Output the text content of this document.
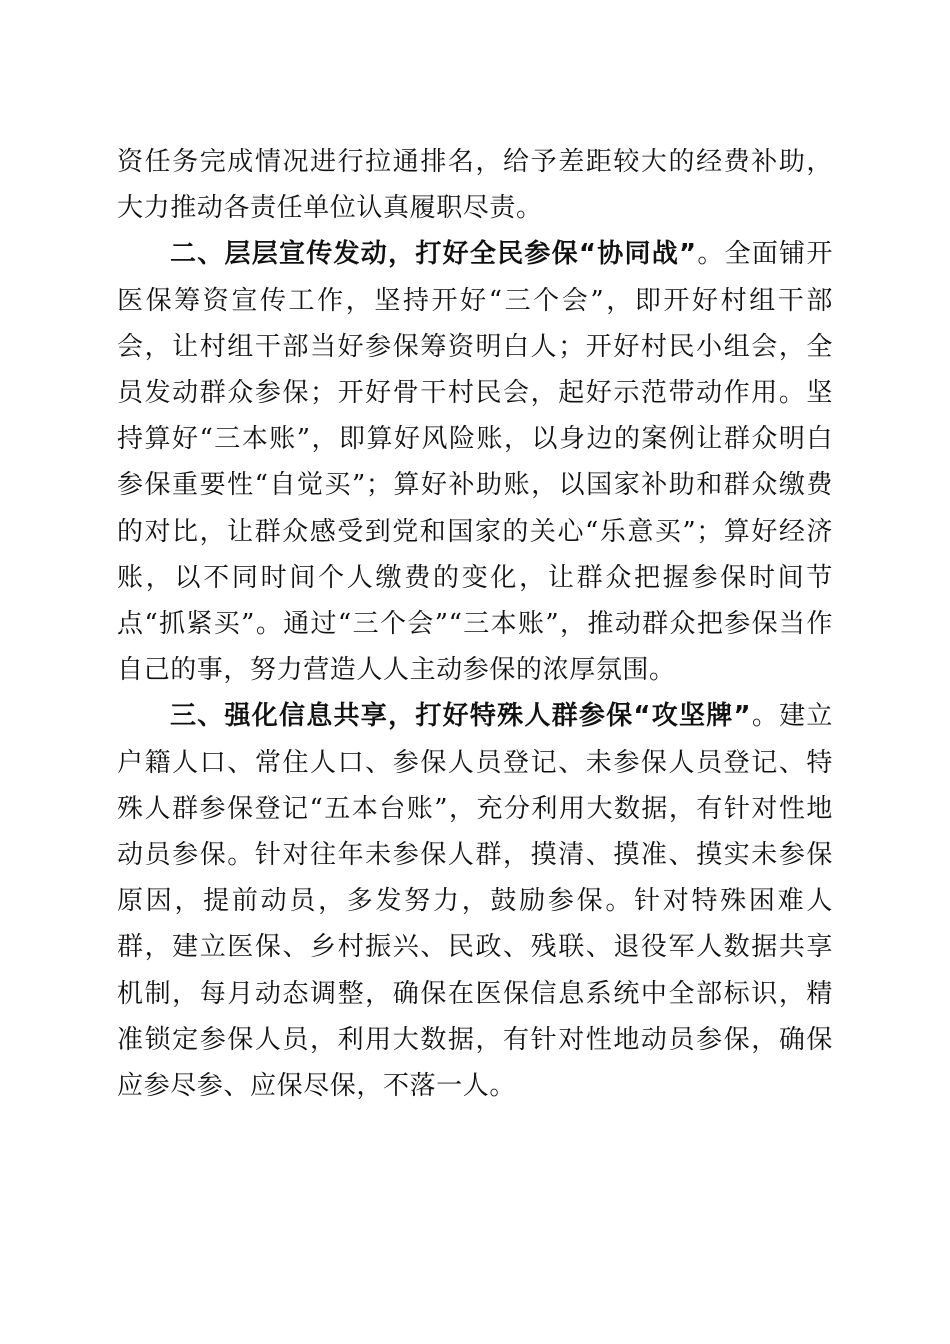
资任务完成情况进行拉通排名，给予差距较大的经费补助，大力推动各责任单位认真履职尽责。

二、层层宣传发动，打好全民参保“协同战”。全面铺开医保筹资宣传工作，坚持开好“三个会”，即开好村组干部会，让村组干部当好参保筹资明白人；开好村民小组会，全员发动群众参保；开好骨干村民会，起好示范带动作用。坚持算好“三本账”，即算好风险账，以身边的案例让群众明白参保重要性“自觉买”；算好补助账，以国家补助和群众缴费的对比，让群众感受到党和国家的关心“乐意买”；算好经济账，以不同时间个人缴费的变化，让群众把握参保时间节点“抓紧买”。通过“三个会”“三本账”，推动群众把参保当作自己的事，努力营造人人主动参保的浓厚氛围。

三、强化信息共享，打好特殊人群参保“攻坚牌”。建立户籍人口、常住人口、参保人员登记、未参保人员登记、特殊人群参保登记“五本台账”，充分利用大数据，有针对性地动员参保。针对往年未参保人群，摸清、摸准、摸实未参保原因，提前动员，多发努力，鼓励参保。针对特殊困难人群，建立医保、乡村振兴、民政、残联、退役军人数据共享机制，每月动态调整，确保在医保信息系统中全部标识，精准锁定参保人员，利用大数据，有针对性地动员参保，确保应参尽参、应保尽保，不落一人。
